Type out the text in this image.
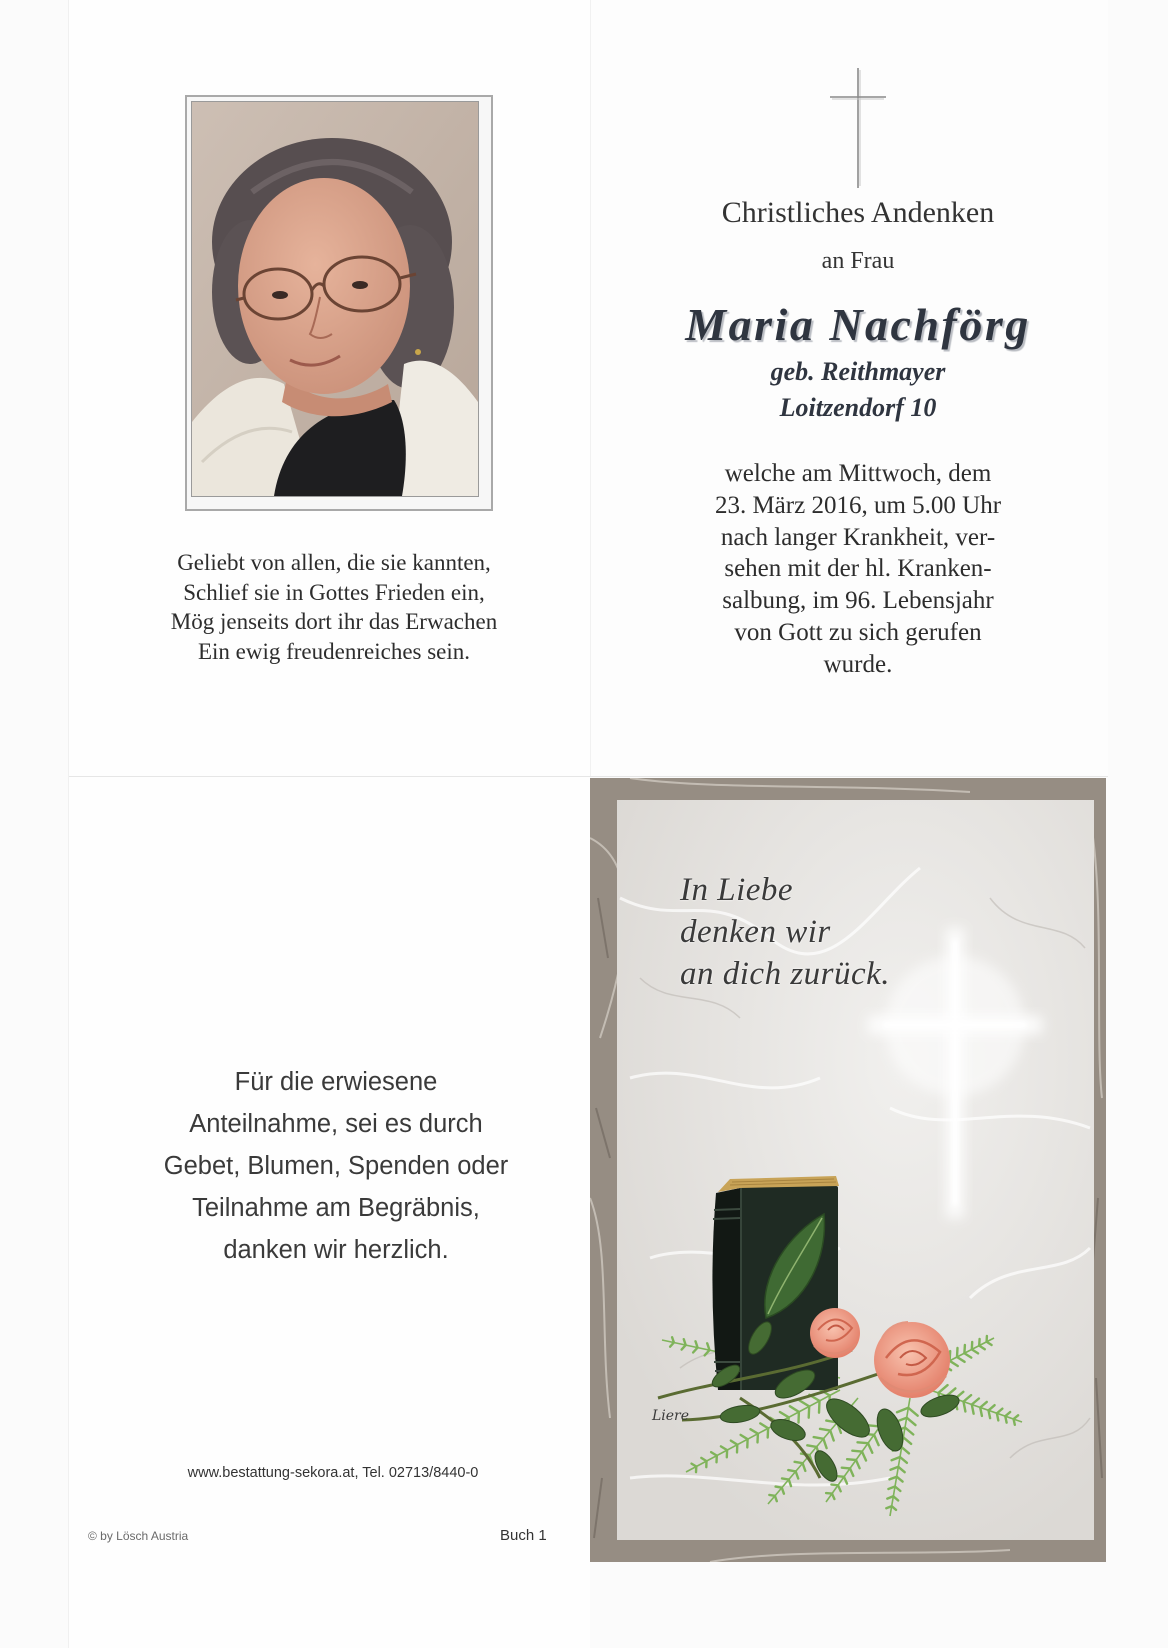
Geliebt von allen, die sie kannten,
Schlief sie in Gottes Frieden ein,
Mög jenseits dort ihr das Erwachen
Ein ewig freudenreiches sein.
Christliches Andenken
an Frau
Maria Nachförg
geb. Reithmayer
Loitzendorf 10
welche am Mittwoch, dem
23. März 2016, um 5.00 Uhr
nach langer Krankheit, ver-
sehen mit der hl. Kranken-
salbung, im 96. Lebensjahr
von Gott zu sich gerufen
wurde.
Für die erwiesene
Anteilnahme, sei es durch
Gebet, Blumen, Spenden oder
Teilnahme am Begräbnis,
danken wir herzlich.
www.bestattung-sekora.at, Tel. 02713/8440-0
© by Lösch Austria	Buch 1
In Liebe
denken wir
an dich zurück.
Liere
